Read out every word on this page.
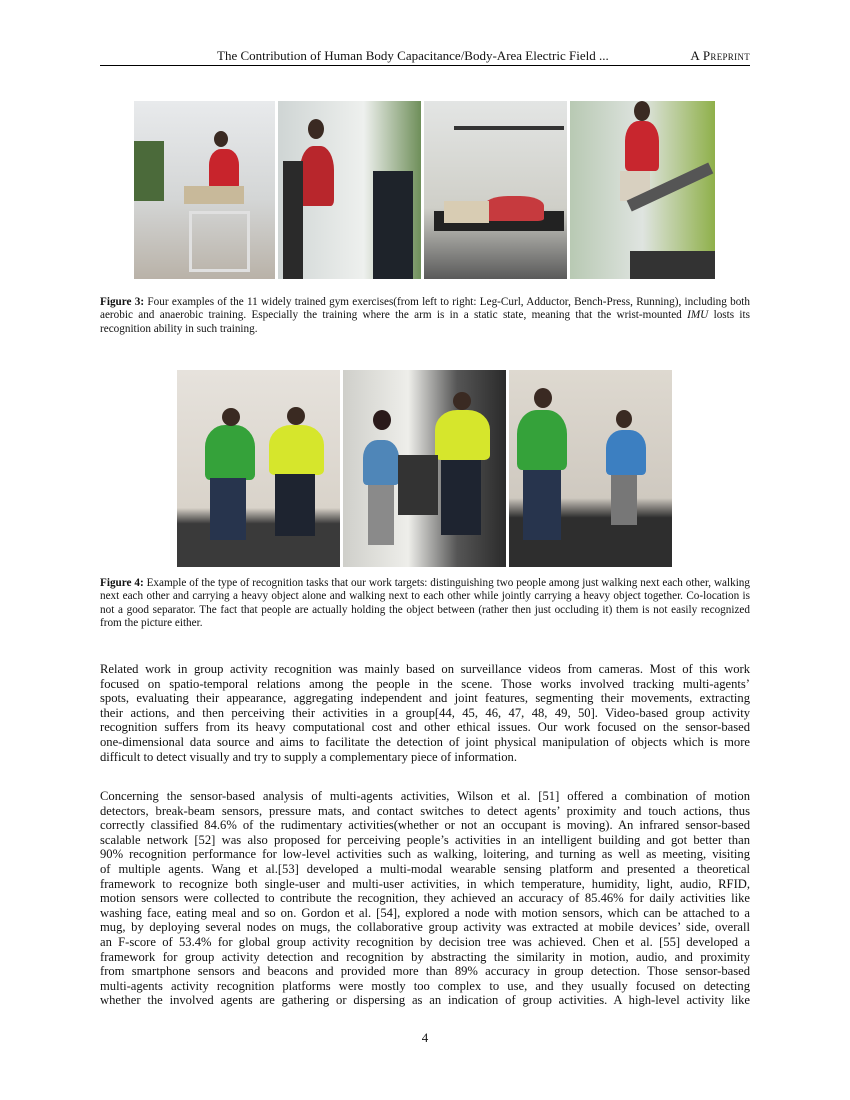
The Contribution of Human Body Capacitance/Body-Area Electric Field ...	A Preprint
Figure 3: Four examples of the 11 widely trained gym exercises(from left to right: Leg-Curl, Adductor, Bench-Press, Running), including both aerobic and anaerobic training. Especially the training where the arm is in a static state, meaning that the wrist-mounted IMU losts its recognition ability in such training.
Figure 4: Example of the type of recognition tasks that our work targets: distinguishing two people among just walking next each other, walking next each other and carrying a heavy object alone and walking next to each other while jointly carrying a heavy object together. Co-location is not a good separator. The fact that people are actually holding the object between (rather then just occluding it) them is not easily recognized from the picture either.
Related work in group activity recognition was mainly based on surveillance videos from cameras. Most of this work
focused on spatio-temporal relations among the people in the scene. Those works involved tracking multi-agents’
spots, evaluating their appearance, aggregating independent and joint features, segmenting their movements, extracting
their actions, and then perceiving their activities in a group[44, 45, 46, 47, 48, 49, 50]. Video-based group activity
recognition suffers from its heavy computational cost and other ethical issues. Our work focused on the sensor-based
one-dimensional data source and aims to facilitate the detection of joint physical manipulation of objects which is more
difficult to detect visually and try to supply a complementary piece of information.
Concerning the sensor-based analysis of multi-agents activities, Wilson et al. [51] offered a combination of motion
detectors, break-beam sensors, pressure mats, and contact switches to detect agents’ proximity and touch actions, thus
correctly classified 84.6% of the rudimentary activities(whether or not an occupant is moving). An infrared sensor-based
scalable network [52] was also proposed for perceiving people’s activities in an intelligent building and got better than
90% recognition performance for low-level activities such as walking, loitering, and turning as well as meeting, visiting
of multiple agents. Wang et al.[53] developed a multi-modal wearable sensing platform and presented a theoretical
framework to recognize both single-user and multi-user activities, in which temperature, humidity, light, audio, RFID,
motion sensors were collected to contribute the recognition, they achieved an accuracy of 85.46% for daily activities like
washing face, eating meal and so on. Gordon et al. [54], explored a node with motion sensors, which can be attached to a
mug, by deploying several nodes on mugs, the collaborative group activity was extracted at mobile devices’ side, overall
an F-score of 53.4% for global group activity recognition by decision tree was achieved. Chen et al. [55] developed a
framework for group activity detection and recognition by abstracting the similarity in motion, audio, and proximity
from smartphone sensors and beacons and provided more than 89% accuracy in group detection. Those sensor-based
multi-agents activity recognition platforms were mostly too complex to use, and they usually focused on detecting
whether the involved agents are gathering or dispersing as an indication of group activities. A high-level activity like
4
